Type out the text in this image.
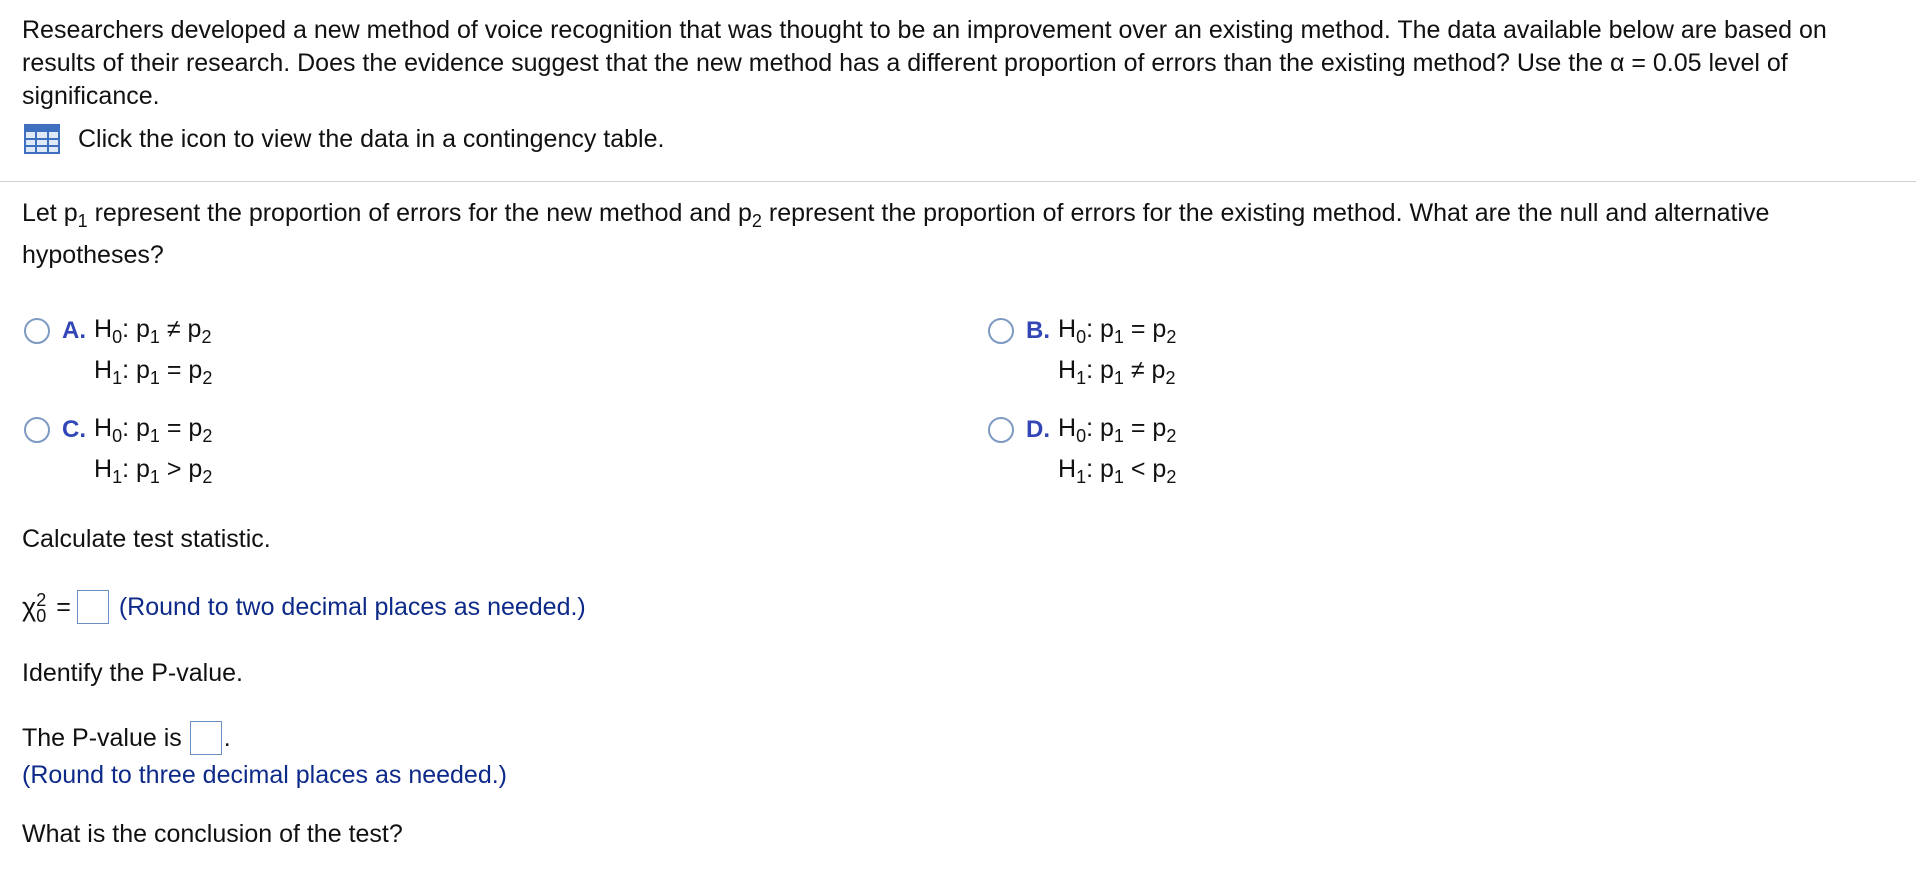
Researchers developed a new method of voice recognition that was thought to be an improvement over an existing method. The data available below are based on results of their research. Does the evidence suggest that the new method has a different proportion of errors than the existing method? Use the α = 0.05 level of significance.

Click the icon to view the data in a contingency table.

Let $p_1$ represent the proportion of errors for the new method and $p_2$ represent the proportion of errors for the existing method. What are the null and alternative hypotheses?

A. $H_0$: $p_1 \ne p_2$
$H_1$: $p_1 = p_2$
B. $H_0$: $p_1 = p_2$
$H_1$: $p_1 \ne p_2$
C. $H_0$: $p_1 = p_2$
$H_1$: $p_1 > p_2$
D. $H_0$: $p_1 = p_2$
$H_1$: $p_1 < p_2$

Calculate test statistic.

$\chi^2_0$ = (Round to two decimal places as needed.)

Identify the P-value.

The P-value is .
(Round to three decimal places as needed.)

What is the conclusion of the test?
